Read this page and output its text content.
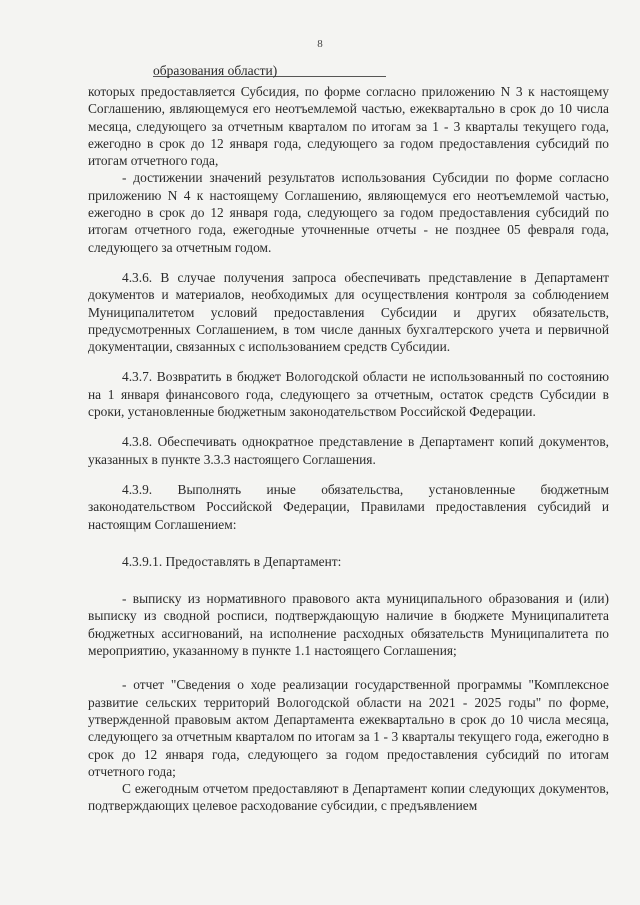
8
образования области)

которых предоставляется Субсидия, по форме согласно приложению N 3 к настоящему Соглашению, являющемуся его неотъемлемой частью, ежеквартально в срок до 10 числа месяца, следующего за отчетным кварталом по итогам за 1 - 3 кварталы текущего года, ежегодно в срок до 12 января года, следующего за годом предоставления субсидий по итогам отчетного года,

- достижении значений результатов использования Субсидии по форме согласно приложению N 4 к настоящему Соглашению, являющемуся его неотъемлемой частью, ежегодно в срок до 12 января года, следующего за годом предоставления субсидий по итогам отчетного года, ежегодные уточненные отчеты - не позднее 05 февраля года, следующего за отчетным годом.

4.3.6. В случае получения запроса обеспечивать представление в Департамент документов и материалов, необходимых для осуществления контроля за соблюдением Муниципалитетом условий предоставления Субсидии и других обязательств, предусмотренных Соглашением, в том числе данных бухгалтерского учета и первичной документации, связанных с использованием средств Субсидии.

4.3.7. Возвратить в бюджет Вологодской области не использованный по состоянию на 1 января финансового года, следующего за отчетным, остаток средств Субсидии в сроки, установленные бюджетным законодательством Российской Федерации.

4.3.8. Обеспечивать однократное представление в Департамент копий документов, указанных в пункте 3.3.3 настоящего Соглашения.

4.3.9. Выполнять иные обязательства, установленные бюджетным законодательством Российской Федерации, Правилами предоставления субсидий и настоящим Соглашением:

4.3.9.1. Предоставлять в Департамент:

- выписку из нормативного правового акта муниципального образования и (или) выписку из сводной росписи, подтверждающую наличие в бюджете Муниципалитета бюджетных ассигнований, на исполнение расходных обязательств Муниципалитета по мероприятию, указанному в пункте 1.1 настоящего Соглашения;

- отчет "Сведения о ходе реализации государственной программы "Комплексное развитие сельских территорий Вологодской области на 2021 - 2025 годы" по форме, утвержденной правовым актом Департамента ежеквартально в срок до 10 числа месяца, следующего за отчетным кварталом по итогам за 1 - 3 кварталы текущего года, ежегодно в срок до 12 января года, следующего за годом предоставления субсидий по итогам отчетного года;

С ежегодным отчетом предоставляют в Департамент копии следующих документов, подтверждающих целевое расходование субсидии, с предъявлением
